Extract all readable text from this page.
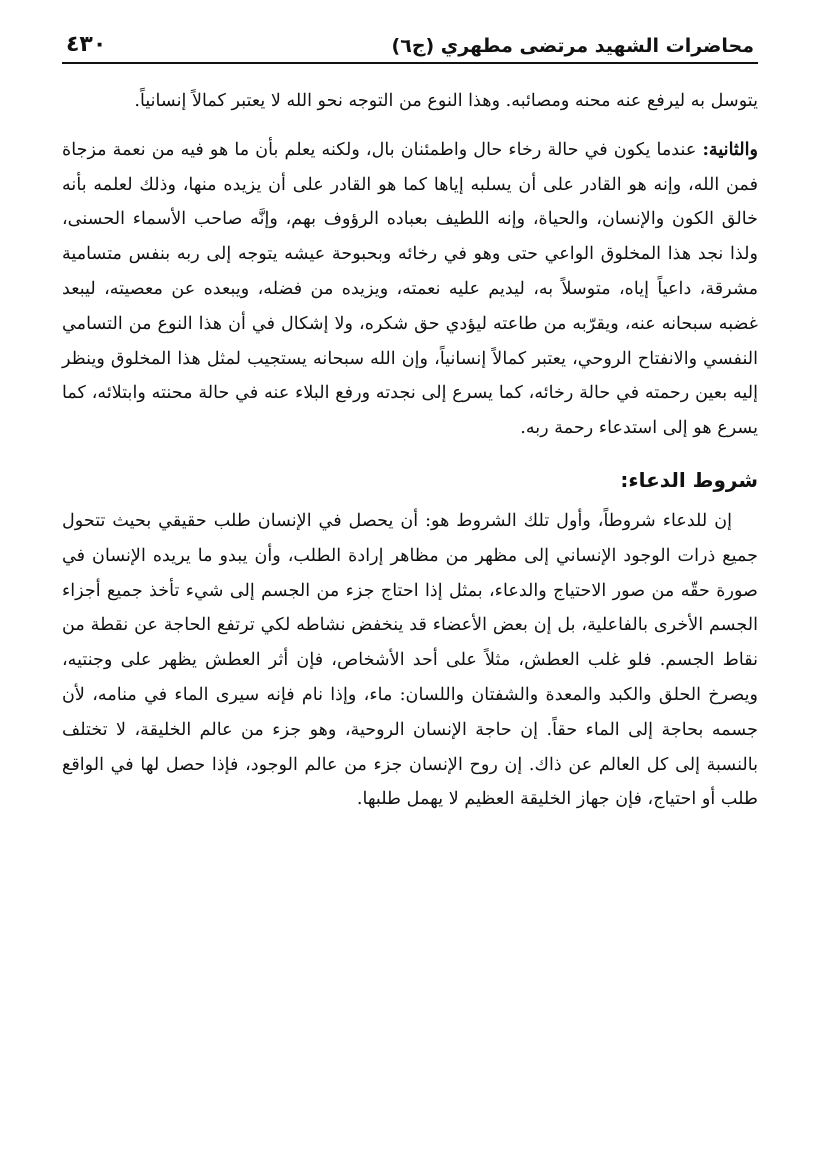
محاضرات الشهيد مرتضى مطهري (ج٦)
٤٣٠

يتوسل به ليرفع عنه محنه ومصائبه. وهذا النوع من التوجه نحو الله لا يعتبر كمالاً إنسانياً.

والثانية: عندما يكون في حالة رخاء حال واطمئنان بال، ولكنه يعلم بأن ما هو فيه من نعمة مزجاة فمن الله، وإنه هو القادر على أن يسلبه إياها كما هو القادر على أن يزيده منها، وذلك لعلمه بأنه خالق الكون والإنسان، والحياة، وإنه اللطيف بعباده الرؤوف بهم، وإنَّه صاحب الأسماء الحسنى، ولذا نجد هذا المخلوق الواعي حتى وهو في رخائه وبحبوحة عيشه يتوجه إلى ربه بنفس متسامية مشرقة، داعياً إياه، متوسلاً به، ليديم عليه نعمته، ويزيده من فضله، ويبعده عن معصيته، ليبعد غضبه سبحانه عنه، ويقرّبه من طاعته ليؤدي حق شكره، ولا إشكال في أن هذا النوع من التسامي النفسي والانفتاح الروحي، يعتبر كمالاً إنسانياً، وإن الله سبحانه يستجيب لمثل هذا المخلوق وينظر إليه بعين رحمته في حالة رخائه، كما يسرع إلى نجدته ورفع البلاء عنه في حالة محنته وابتلائه، كما يسرع هو إلى استدعاء رحمة ربه.

شروط الدعاء:

إن للدعاء شروطاً، وأول تلك الشروط هو: أن يحصل في الإنسان طلب حقيقي بحيث تتحول جميع ذرات الوجود الإنساني إلى مظهر من مظاهر إرادة الطلب، وأن يبدو ما يريده الإنسان في صورة حقّه من صور الاحتياج والدعاء، بمثل إذا احتاج جزء من الجسم إلى شيء تأخذ جميع أجزاء الجسم الأخرى بالفاعلية، بل إن بعض الأعضاء قد ينخفض نشاطه لكي ترتفع الحاجة عن نقطة من نقاط الجسم. فلو غلب العطش، مثلاً على أحد الأشخاص، فإن أثر العطش يظهر على وجنتيه، ويصرخ الحلق والكبد والمعدة والشفتان واللسان: ماء، وإذا نام فإنه سيرى الماء في منامه، لأن جسمه بحاجة إلى الماء حقاً. إن حاجة الإنسان الروحية، وهو جزء من عالم الخليقة، لا تختلف بالنسبة إلى كل العالم عن ذاك. إن روح الإنسان جزء من عالم الوجود، فإذا حصل لها في الواقع طلب أو احتياج، فإن جهاز الخليقة العظيم لا يهمل طلبها.
